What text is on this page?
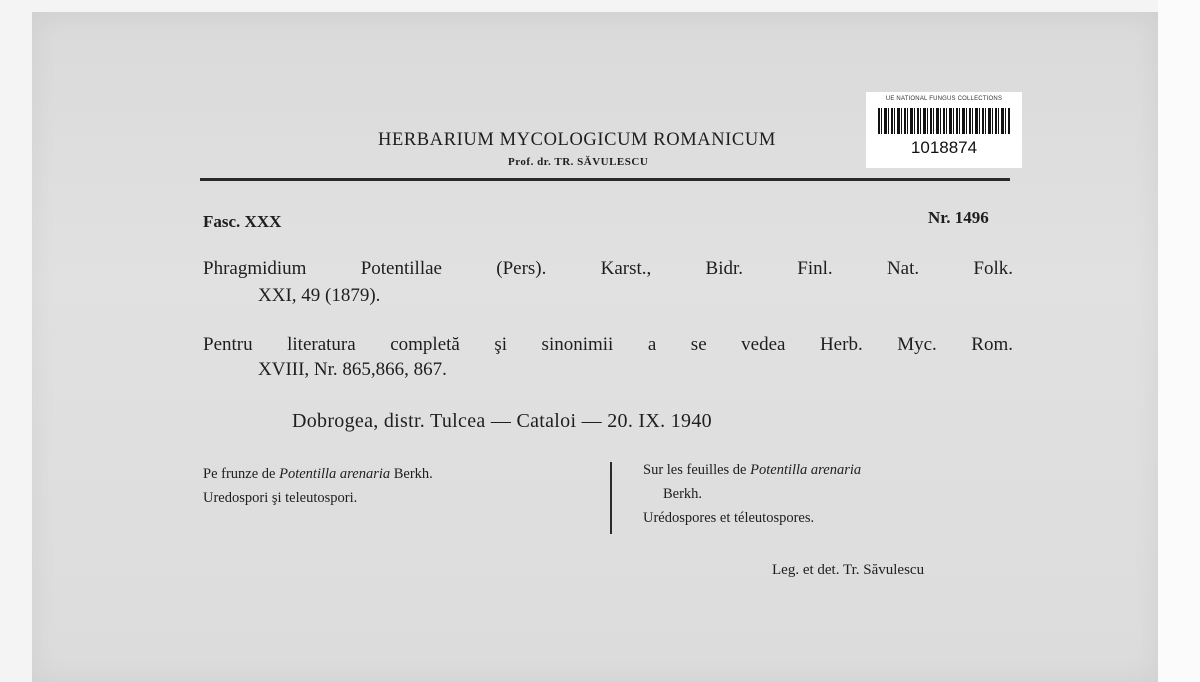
UE NATIONAL FUNGUS COLLECTIONS
1018874
HERBARIUM MYCOLOGICUM ROMANICUM
Prof. dr. TR. SĂVULESCU
Fasc. XXX	Nr. 1496
Phragmidium Potentillae (Pers). Karst., Bidr. Finl. Nat. Folk.
XXI, 49 (1879).
Pentru literatura completă şi sinonimii a se vedea Herb. Myc. Rom.
XVIII, Nr. 865,866, 867.
Dobrogea, distr. Tulcea — Cataloi — 20. IX. 1940
Pe frunze de Potentilla arenaria Berkh.
Uredospori şi teleutospori.
Sur les feuilles de Potentilla arenaria
Berkh.
Urédospores et téleutospores.
Leg. et det. Tr. Săvulescu
